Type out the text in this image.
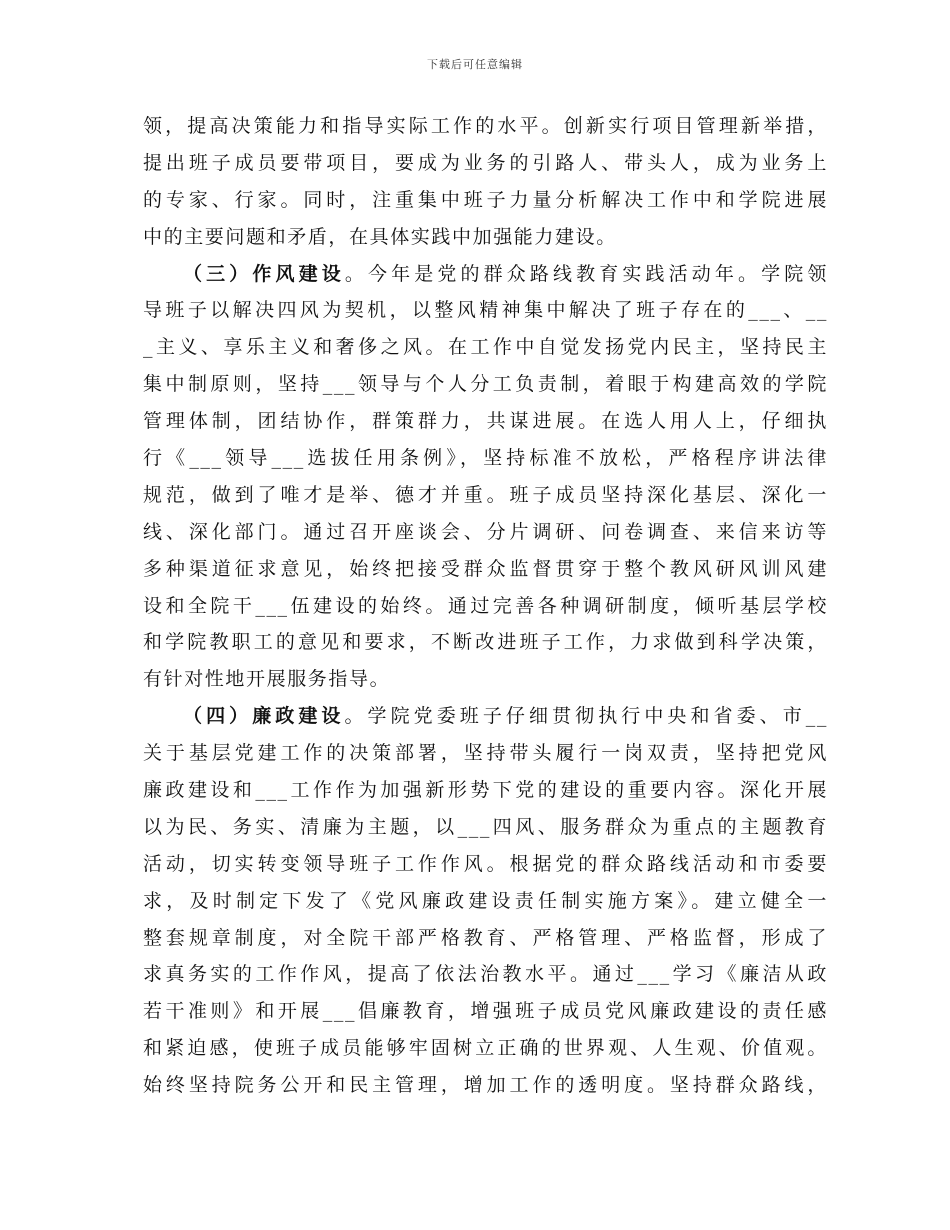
下载后可任意编辑
领，提高决策能力和指导实际工作的水平。创新实行项目管理新举措，
提出班子成员要带项目，要成为业务的引路人、带头人，成为业务上
的专家、行家。同时，注重集中班子力量分析解决工作中和学院进展
中的主要问题和矛盾，在具体实践中加强能力建设。
（三）作风建设。今年是党的群众路线教育实践活动年。学院领
导班子以解决四风为契机，以整风精神集中解决了班子存在的___、__
_主义、享乐主义和奢侈之风。在工作中自觉发扬党内民主，坚持民主
集中制原则，坚持___领导与个人分工负责制，着眼于构建高效的学院
管理体制，团结协作，群策群力，共谋进展。在选人用人上，仔细执
行《___领导___选拔任用条例》，坚持标准不放松，严格程序讲法律
规范，做到了唯才是举、德才并重。班子成员坚持深化基层、深化一
线、深化部门。通过召开座谈会、分片调研、问卷调查、来信来访等
多种渠道征求意见，始终把接受群众监督贯穿于整个教风研风训风建
设和全院干___伍建设的始终。通过完善各种调研制度，倾听基层学校
和学院教职工的意见和要求，不断改进班子工作，力求做到科学决策，
有针对性地开展服务指导。
（四）廉政建设。学院党委班子仔细贯彻执行中央和省委、市__
关于基层党建工作的决策部署，坚持带头履行一岗双责，坚持把党风
廉政建设和___工作作为加强新形势下党的建设的重要内容。深化开展
以为民、务实、清廉为主题，以___四风、服务群众为重点的主题教育
活动，切实转变领导班子工作作风。根据党的群众路线活动和市委要
求，及时制定下发了《党风廉政建设责任制实施方案》。建立健全一
整套规章制度，对全院干部严格教育、严格管理、严格监督，形成了
求真务实的工作作风，提高了依法治教水平。通过___学习《廉洁从政
若干准则》和开展___倡廉教育，增强班子成员党风廉政建设的责任感
和紧迫感，使班子成员能够牢固树立正确的世界观、人生观、价值观。
始终坚持院务公开和民主管理，增加工作的透明度。坚持群众路线，
